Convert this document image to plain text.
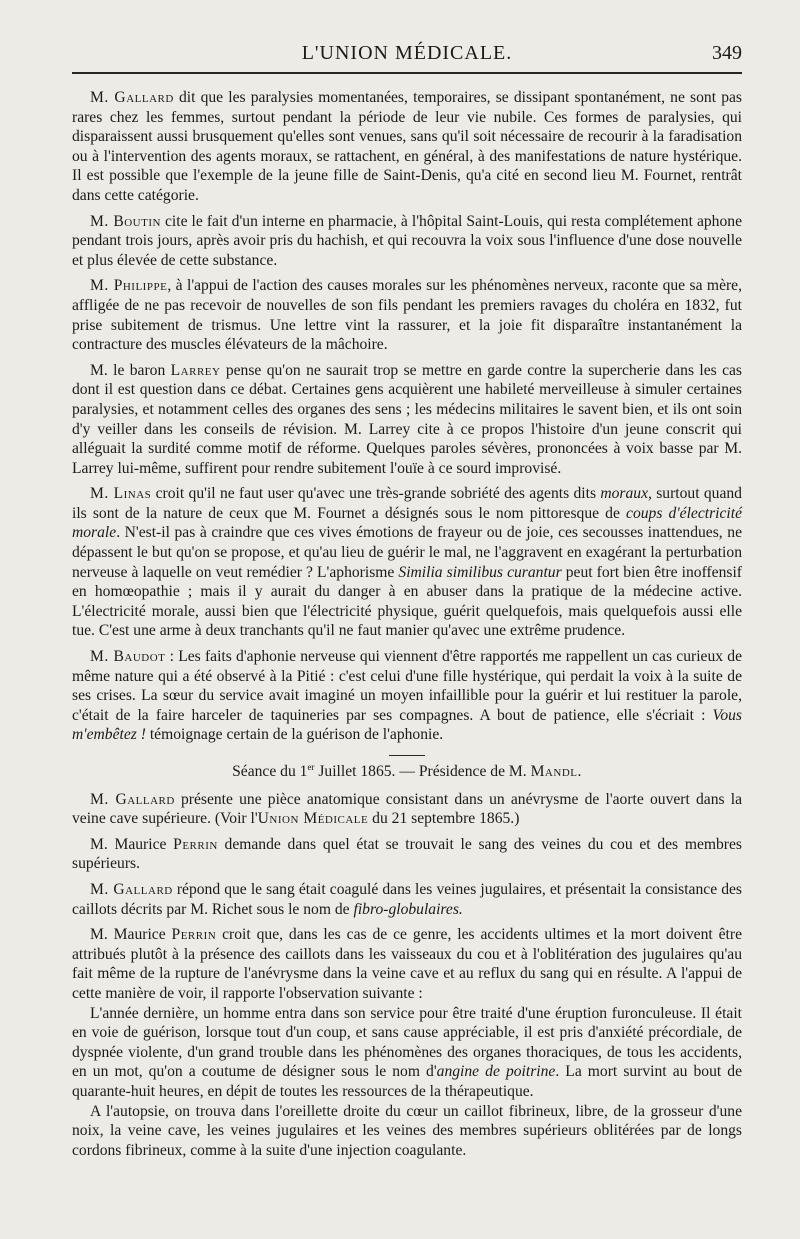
L'UNION MÉDICALE.	349

M. Gallard dit que les paralysies momentanées, temporaires, se dissipant spontanément, ne sont pas rares chez les femmes, surtout pendant la période de leur vie nubile. Ces formes de paralysies, qui disparaissent aussi brusquement qu'elles sont venues, sans qu'il soit nécessaire de recourir à la faradisation ou à l'intervention des agents moraux, se rattachent, en général, à des manifestations de nature hystérique. Il est possible que l'exemple de la jeune fille de Saint-Denis, qu'a cité en second lieu M. Fournet, rentrât dans cette catégorie.

M. Boutin cite le fait d'un interne en pharmacie, à l'hôpital Saint-Louis, qui resta complétement aphone pendant trois jours, après avoir pris du hachish, et qui recouvra la voix sous l'influence d'une dose nouvelle et plus élevée de cette substance.

M. Philippe, à l'appui de l'action des causes morales sur les phénomènes nerveux, raconte que sa mère, affligée de ne pas recevoir de nouvelles de son fils pendant les premiers ravages du choléra en 1832, fut prise subitement de trismus. Une lettre vint la rassurer, et la joie fit disparaître instantanément la contracture des muscles élévateurs de la mâchoire.

M. le baron Larrey pense qu'on ne saurait trop se mettre en garde contre la supercherie dans les cas dont il est question dans ce débat. Certaines gens acquièrent une habileté merveilleuse à simuler certaines paralysies, et notamment celles des organes des sens ; les médecins militaires le savent bien, et ils ont soin d'y veiller dans les conseils de révision. M. Larrey cite à ce propos l'histoire d'un jeune conscrit qui alléguait la surdité comme motif de réforme. Quelques paroles sévères, prononcées à voix basse par M. Larrey lui-même, suffirent pour rendre subitement l'ouïe à ce sourd improvisé.

M. Linas croit qu'il ne faut user qu'avec une très-grande sobriété des agents dits moraux, surtout quand ils sont de la nature de ceux que M. Fournet a désignés sous le nom pittoresque de coups d'électricité morale. N'est-il pas à craindre que ces vives émotions de frayeur ou de joie, ces secousses inattendues, ne dépassent le but qu'on se propose, et qu'au lieu de guérir le mal, ne l'aggravent en exagérant la perturbation nerveuse à laquelle on veut remédier ? L'aphorisme Similia similibus curantur peut fort bien être inoffensif en homœopathie ; mais il y aurait du danger à en abuser dans la pratique de la médecine active. L'électricité morale, aussi bien que l'électricité physique, guérit quelquefois, mais quelquefois aussi elle tue. C'est une arme à deux tranchants qu'il ne faut manier qu'avec une extrême prudence.

M. Baudot : Les faits d'aphonie nerveuse qui viennent d'être rapportés me rappellent un cas curieux de même nature qui a été observé à la Pitié : c'est celui d'une fille hystérique, qui perdait la voix à la suite de ses crises. La sœur du service avait imaginé un moyen infaillible pour la guérir et lui restituer la parole, c'était de la faire harceler de taquineries par ses compagnes. A bout de patience, elle s'écriait : Vous m'embêtez ! témoignage certain de la guérison de l'aphonie.

Séance du 1er Juillet 1865. — Présidence de M. Mandl.

M. Gallard présente une pièce anatomique consistant dans un anévrysme de l'aorte ouvert dans la veine cave supérieure. (Voir l'Union Médicale du 21 septembre 1865.)

M. Maurice Perrin demande dans quel état se trouvait le sang des veines du cou et des membres supérieurs.

M. Gallard répond que le sang était coagulé dans les veines jugulaires, et présentait la consistance des caillots décrits par M. Richet sous le nom de fibro-globulaires.

M. Maurice Perrin croit que, dans les cas de ce genre, les accidents ultimes et la mort doivent être attribués plutôt à la présence des caillots dans les vaisseaux du cou et à l'oblitération des jugulaires qu'au fait même de la rupture de l'anévrysme dans la veine cave et au reflux du sang qui en résulte. A l'appui de cette manière de voir, il rapporte l'observation suivante :

L'année dernière, un homme entra dans son service pour être traité d'une éruption furonculeuse. Il était en voie de guérison, lorsque tout d'un coup, et sans cause appréciable, il est pris d'anxiété précordiale, de dyspnée violente, d'un grand trouble dans les phénomènes des organes thoraciques, de tous les accidents, en un mot, qu'on a coutume de désigner sous le nom d'angine de poitrine. La mort survint au bout de quarante-huit heures, en dépit de toutes les ressources de la thérapeutique.

A l'autopsie, on trouva dans l'oreillette droite du cœur un caillot fibrineux, libre, de la grosseur d'une noix, la veine cave, les veines jugulaires et les veines des membres supérieurs oblitérées par de longs cordons fibrineux, comme à la suite d'une injection coagulante.
